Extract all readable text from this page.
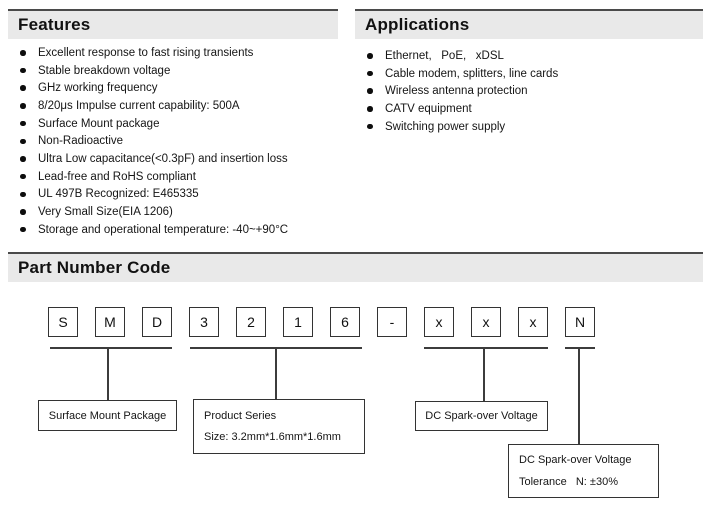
Features
Excellent response to fast rising transients
Stable breakdown voltage
GHz working frequency
8/20μs Impulse current capability: 500A
Surface Mount package
Non-Radioactive
Ultra Low capacitance(<0.3pF) and insertion loss
Lead-free and RoHS compliant
UL 497B Recognized: E465335
Very Small Size(EIA 1206)
Storage and operational temperature: -40~+90°C
Applications
Ethernet,   PoE,   xDSL
Cable modem, splitters, line cards
Wireless antenna protection
CATV equipment
Switching power supply
Part Number Code
S	M	D	3	2	1	6	-	x	x	x	N
Surface Mount Package	Product Series
Size: 3.2mm*1.6mm*1.6mm
DC Spark-over Voltage
DC Spark-over Voltage
Tolerance   N: ±30%
